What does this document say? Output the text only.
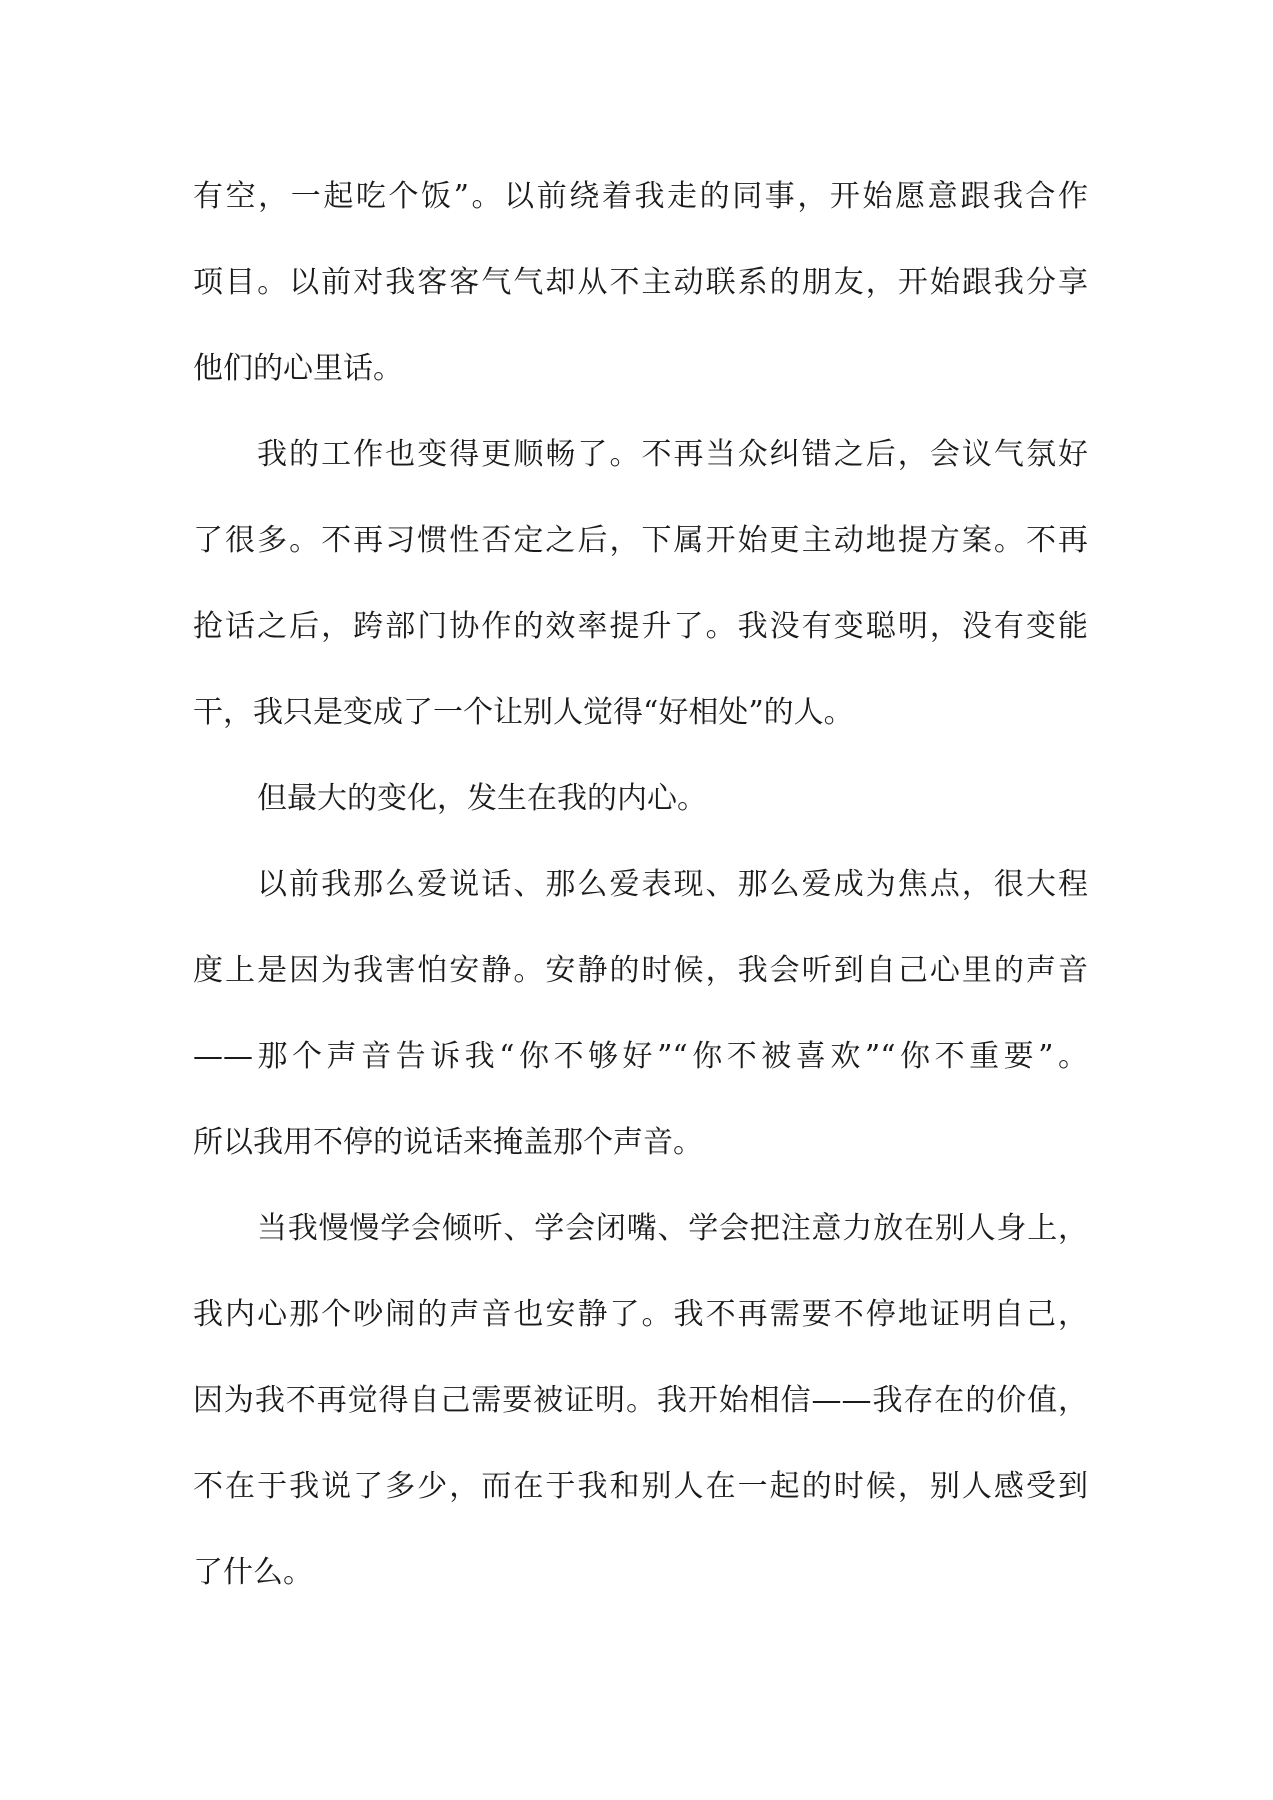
有空，一起吃个饭”。以前绕着我走的同事，开始愿意跟我合作
项目。以前对我客客气气却从不主动联系的朋友，开始跟我分享
他们的心里话。
我的工作也变得更顺畅了。不再当众纠错之后，会议气氛好
了很多。不再习惯性否定之后，下属开始更主动地提方案。不再
抢话之后，跨部门协作的效率提升了。我没有变聪明，没有变能
干，我只是变成了一个让别人觉得“好相处”的人。
但最大的变化，发生在我的内心。
以前我那么爱说话、那么爱表现、那么爱成为焦点，很大程
度上是因为我害怕安静。安静的时候，我会听到自己心里的声音
——那个声音告诉我“你不够好”“你不被喜欢”“你不重要”。
所以我用不停的说话来掩盖那个声音。
当我慢慢学会倾听、学会闭嘴、学会把注意力放在别人身上，
我内心那个吵闹的声音也安静了。我不再需要不停地证明自己，
因为我不再觉得自己需要被证明。我开始相信——我存在的价值，
不在于我说了多少，而在于我和别人在一起的时候，别人感受到
了什么。
